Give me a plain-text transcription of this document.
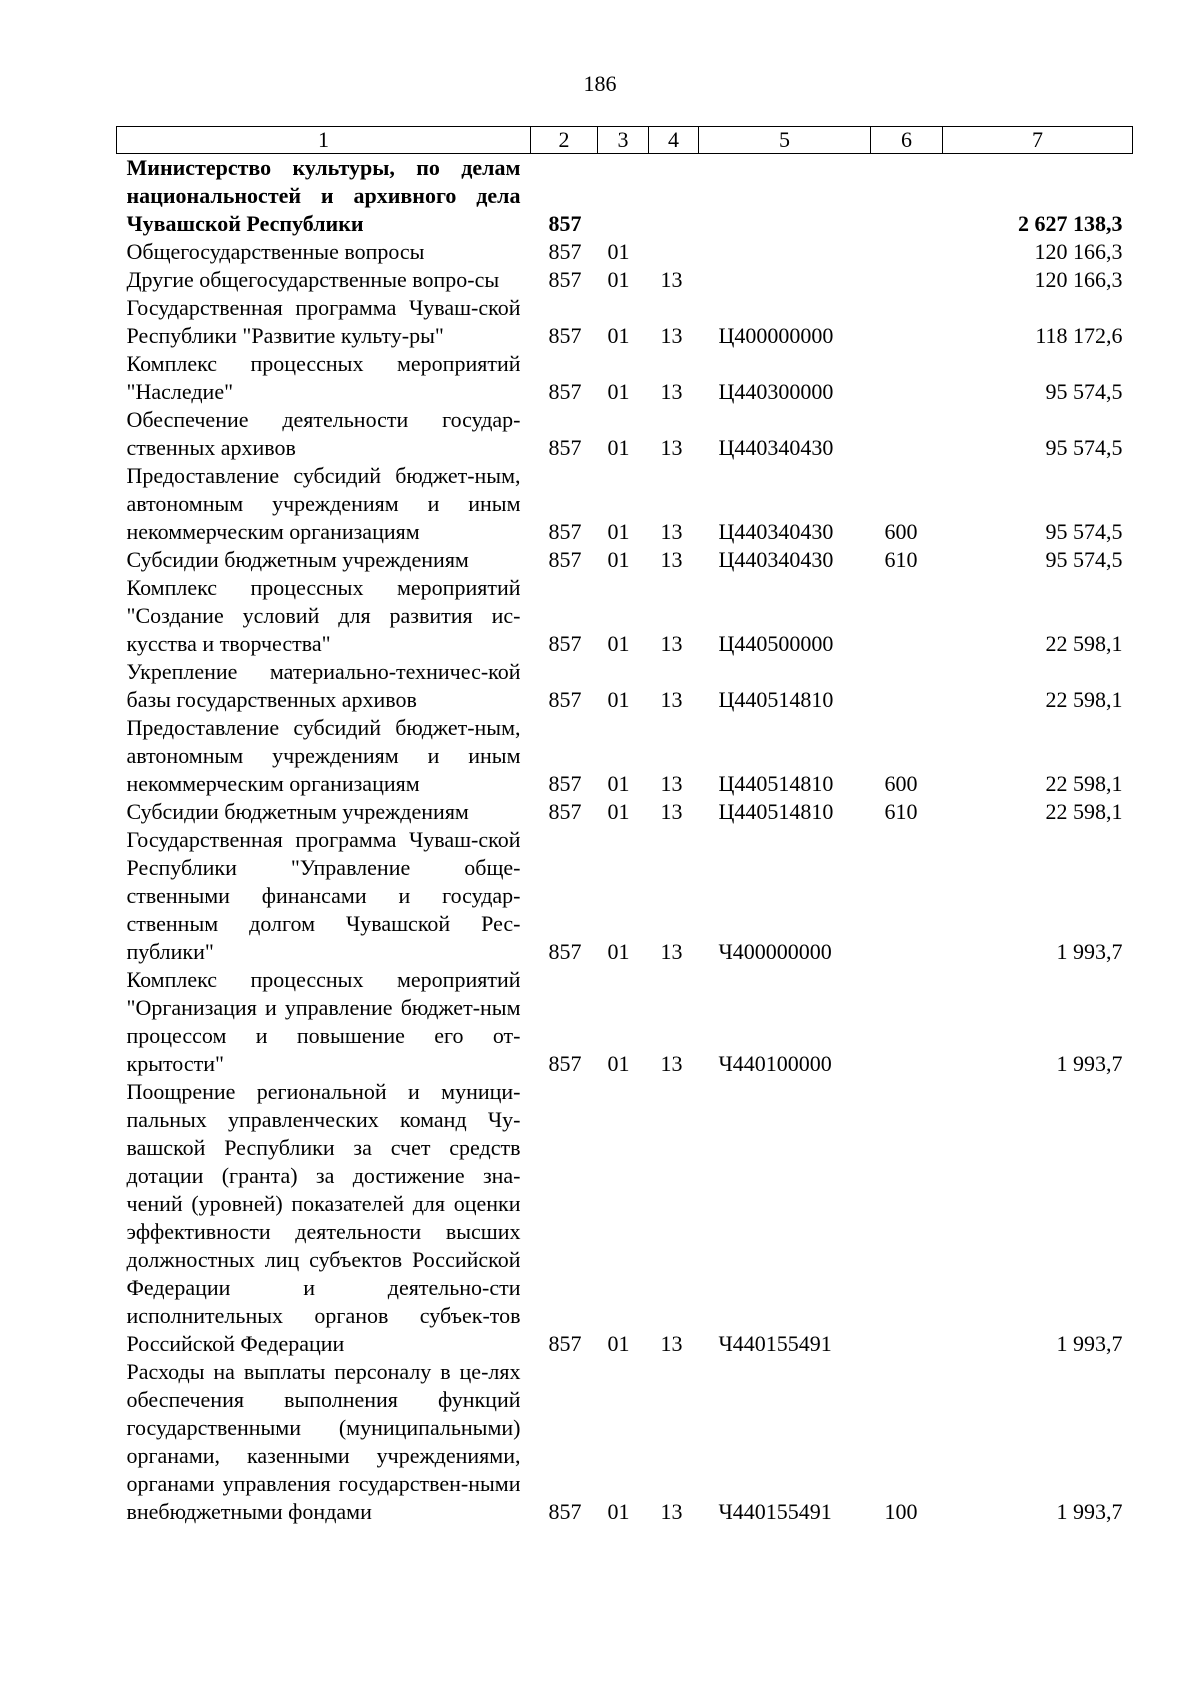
186
1	2	3	4	5	6	7
Министерство культуры, по делам национальностей и архивного дела Чувашской Республики	857					2 627 138,3
Общегосударственные вопросы	857	01				120 166,3
Другие общегосударственные вопро-сы	857	01	13			120 166,3
Государственная программа Чуваш-ской Республики "Развитие культу-ры"	857	01	13	Ц400000000		118 172,6
Комплекс процессных мероприятий "Наследие"	857	01	13	Ц440300000		95 574,5
Обеспечение деятельности государ-ственных архивов	857	01	13	Ц440340430		95 574,5
Предоставление субсидий бюджет-ным, автономным учреждениям и иным некоммерческим организациям	857	01	13	Ц440340430	600	95 574,5
Субсидии бюджетным учреждениям	857	01	13	Ц440340430	610	95 574,5
Комплекс процессных мероприятий "Создание условий для развития ис-кусства и творчества"	857	01	13	Ц440500000		22 598,1
Укрепление материально-техничес-кой базы государственных архивов	857	01	13	Ц440514810		22 598,1
Предоставление субсидий бюджет-ным, автономным учреждениям и иным некоммерческим организациям	857	01	13	Ц440514810	600	22 598,1
Субсидии бюджетным учреждениям	857	01	13	Ц440514810	610	22 598,1
Государственная программа Чуваш-ской Республики "Управление обще-ственными финансами и государ-ственным долгом Чувашской Рес-публики"	857	01	13	Ч400000000		1 993,7
Комплекс процессных мероприятий "Организация и управление бюджет-ным процессом и повышение его от-крытости"	857	01	13	Ч440100000		1 993,7
Поощрение региональной и муници-пальных управленческих команд Чу-вашской Республики за счет средств дотации (гранта) за достижение зна-чений (уровней) показателей для оценки эффективности деятельности высших должностных лиц субъектов Российской Федерации и деятельно-сти исполнительных органов субъек-тов Российской Федерации	857	01	13	Ч440155491		1 993,7
Расходы на выплаты персоналу в це-лях обеспечения выполнения функций государственными (муниципальными) органами, казенными учреждениями, органами управления государствен-ными внебюджетными фондами	857	01	13	Ч440155491	100	1 993,7
